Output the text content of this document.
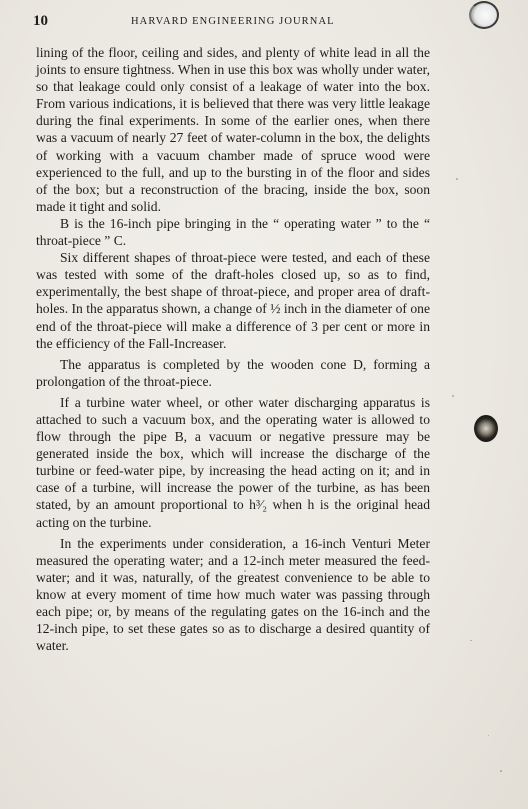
10	HARVARD ENGINEERING JOURNAL

lining of the floor, ceiling and sides, and plenty of white lead in all the joints to ensure tightness. When in use this box was wholly under water, so that leakage could only consist of a leakage of water into the box. From various indications, it is believed that there was very little leakage during the final experiments. In some of the earlier ones, when there was a vacuum of nearly 27 feet of water-column in the box, the delights of working with a vacuum chamber made of spruce wood were experienced to the full, and up to the bursting in of the floor and sides of the box; but a reconstruction of the bracing, inside the box, soon made it tight and solid.

B is the 16-inch pipe bringing in the “ operating water ” to the “ throat-piece ” C.

Six different shapes of throat-piece were tested, and each of these was tested with some of the draft-holes closed up, so as to find, experimentally, the best shape of throat-piece, and proper area of draft-holes. In the apparatus shown, a change of ½ inch in the diameter of one end of the throat-piece will make a difference of 3 per cent or more in the efficiency of the Fall-Increaser.

The apparatus is completed by the wooden cone D, forming a prolongation of the throat-piece.

If a turbine water wheel, or other water discharging apparatus is attached to such a vacuum box, and the operating water is allowed to flow through the pipe B, a vacuum or negative pressure may be generated inside the box, which will increase the discharge of the turbine or feed-water pipe, by increasing the head acting on it; and in case of a turbine, will increase the power of the turbine, as has been stated, by an amount proportional to h³⁄₂ when h is the original head acting on the turbine.

In the experiments under consideration, a 16-inch Venturi Meter measured the operating water; and a 12-inch meter measured the feed-water; and it was, naturally, of the greatest convenience to be able to know at every moment of time how much water was passing through each pipe; or, by means of the regulating gates on the 16-inch and the 12-inch pipe, to set these gates so as to discharge a desired quantity of water.
